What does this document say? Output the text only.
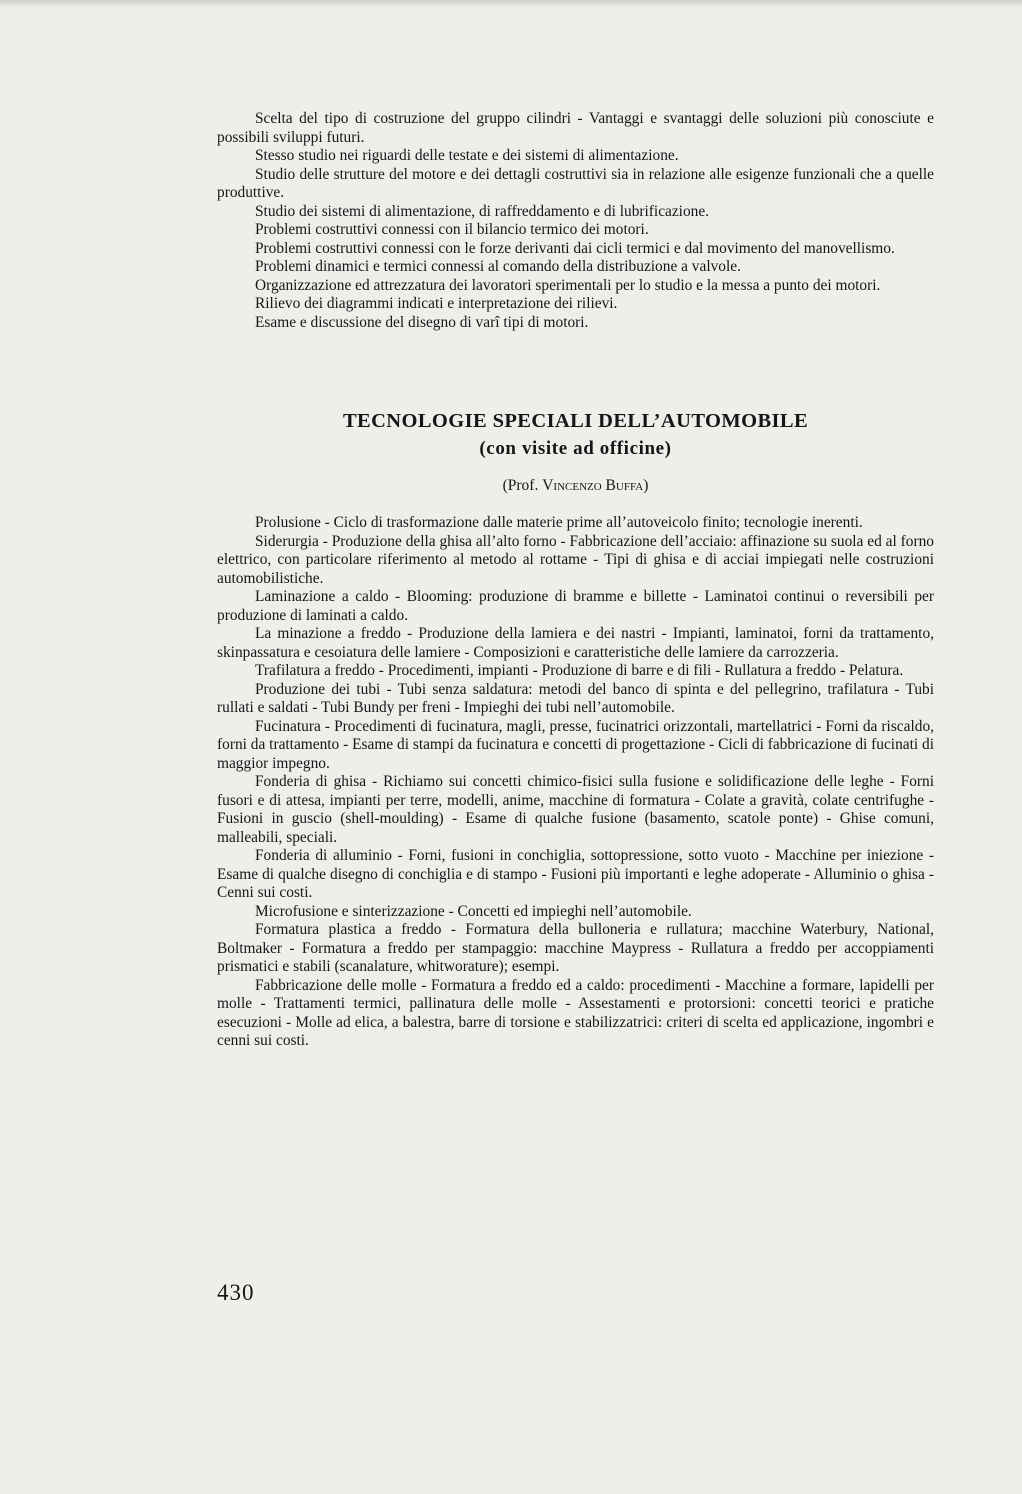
Scelta del tipo di costruzione del gruppo cilindri - Vantaggi e svantaggi delle soluzioni più conosciute e possibili sviluppi futuri.

Stesso studio nei riguardi delle testate e dei sistemi di alimentazione.

Studio delle strutture del motore e dei dettagli costruttivi sia in relazione alle esigenze funzionali che a quelle produttive.

Studio dei sistemi di alimentazione, di raffreddamento e di lubrificazione.

Problemi costruttivi connessi con il bilancio termico dei motori.

Problemi costruttivi connessi con le forze derivanti dai cicli termici e dal movimento del manovellismo.

Problemi dinamici e termici connessi al comando della distribuzione a valvole.

Organizzazione ed attrezzatura dei lavoratori sperimentali per lo studio e la messa a punto dei motori.

Rilievo dei diagrammi indicati e interpretazione dei rilievi.

Esame e discussione del disegno di varî tipi di motori.

TECNOLOGIE SPECIALI DELL’AUTOMOBILE
(con visite ad officine)

(Prof. Vincenzo Buffa)

Prolusione - Ciclo di trasformazione dalle materie prime all’autoveicolo finito; tecnologie inerenti.

Siderurgia - Produzione della ghisa all’alto forno - Fabbricazione dell’acciaio: affinazione su suola ed al forno elettrico, con particolare riferimento al metodo al rottame - Tipi di ghisa e di acciai impiegati nelle costruzioni automobilistiche.

Laminazione a caldo - Blooming: produzione di bramme e billette - Laminatoi continui o reversibili per produzione di laminati a caldo.

La minazione a freddo - Produzione della lamiera e dei nastri - Impianti, laminatoi, forni da trattamento, skinpassatura e cesoiatura delle lamiere - Composizioni e caratteristiche delle lamiere da carrozzeria.

Trafilatura a freddo - Procedimenti, impianti - Produzione di barre e di fili - Rullatura a freddo - Pelatura.

Produzione dei tubi - Tubi senza saldatura: metodi del banco di spinta e del pellegrino, trafilatura - Tubi rullati e saldati - Tubi Bundy per freni - Impieghi dei tubi nell’automobile.

Fucinatura - Procedimenti di fucinatura, magli, presse, fucinatrici orizzontali, martellatrici - Forni da riscaldo, forni da trattamento - Esame di stampi da fucinatura e concetti di progettazione - Cicli di fabbricazione di fucinati di maggior impegno.

Fonderia di ghisa - Richiamo sui concetti chimico-fisici sulla fusione e solidificazione delle leghe - Forni fusori e di attesa, impianti per terre, modelli, anime, macchine di formatura - Colate a gravità, colate centrifughe - Fusioni in guscio (shell-moulding) - Esame di qualche fusione (basamento, scatole ponte) - Ghise comuni, malleabili, speciali.

Fonderia di alluminio - Forni, fusioni in conchiglia, sottopressione, sotto vuoto - Macchine per iniezione - Esame di qualche disegno di conchiglia e di stampo - Fusioni più importanti e leghe adoperate - Alluminio o ghisa - Cenni sui costi.

Microfusione e sinterizzazione - Concetti ed impieghi nell’automobile.

Formatura plastica a freddo - Formatura della bulloneria e rullatura; macchine Waterbury, National, Boltmaker - Formatura a freddo per stampaggio: macchine Maypress - Rullatura a freddo per accoppiamenti prismatici e stabili (scanalature, whitworature); esempi.

Fabbricazione delle molle - Formatura a freddo ed a caldo: procedimenti - Macchine a formare, lapidelli per molle - Trattamenti termici, pallinatura delle molle - Assestamenti e protorsioni: concetti teorici e pratiche esecuzioni - Molle ad elica, a balestra, barre di torsione e stabilizzatrici: criteri di scelta ed applicazione, ingombri e cenni sui costi.

430
